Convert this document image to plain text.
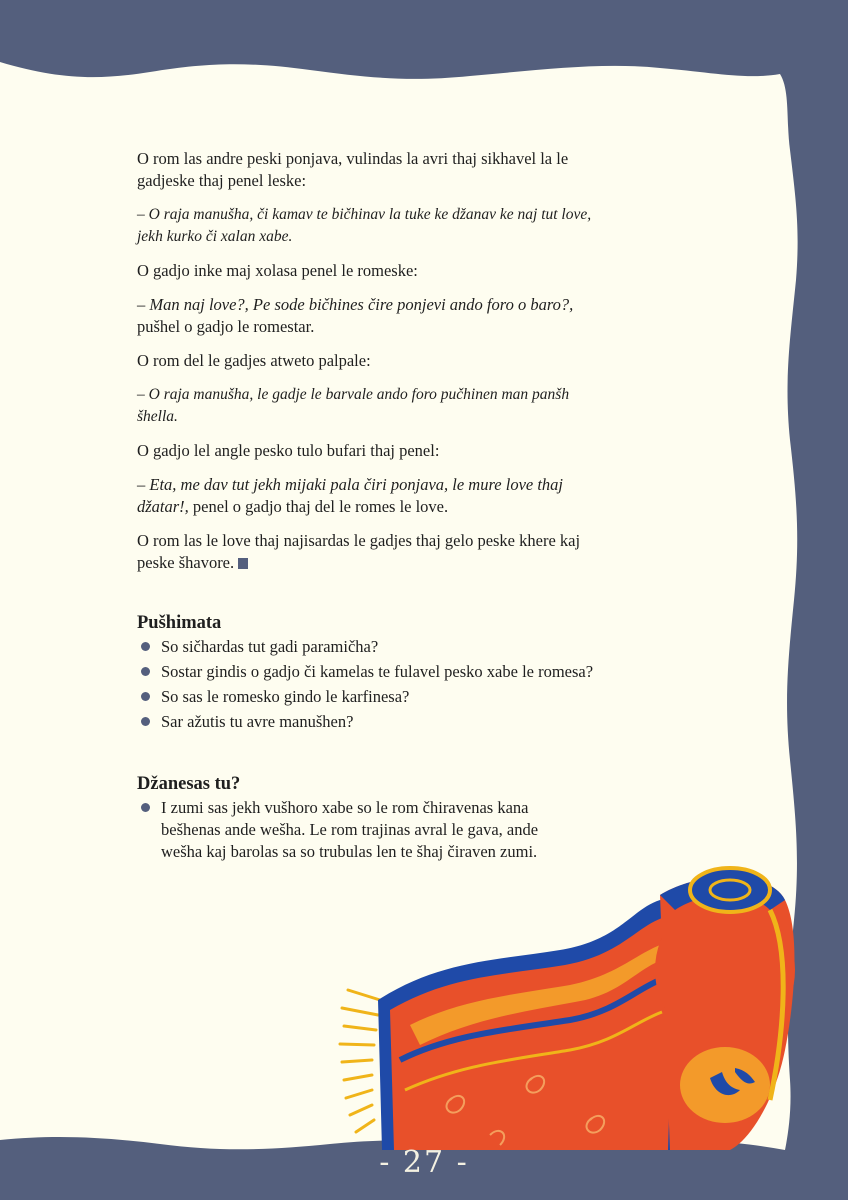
O rom las andre peski ponjava, vulindas la avri thaj sikhavel la le gadjeske thaj penel leske:

– O raja manušha, či kamav te bičhinav la tuke ke džanav ke naj tut love, jekh kurko či xalan xabe.

O gadjo inke maj xolasa penel le romeske:

– Man naj love?, Pe sode bičhines čire ponjevi ando foro o baro?, pušhel o gadjo le romestar.

O rom del le gadjes atweto palpale:

– O raja manušha, le gadje le barvale ando foro pučhinen man panšh šhella.

O gadjo lel angle pesko tulo bufari thaj penel:

– Eta, me dav tut jekh mijaki pala čiri ponjava, le mure love thaj džatar!, penel o gadjo thaj del le romes le love.

O rom las le love thaj najisardas le gadjes thaj gelo peske khere kaj peske šhavore.

Pušhimata
So sičhardas tut gadi paramičha?
Sostar gindis o gadjo či kamelas te fulavel pesko xabe le romesa?
So sas le romesko gindo le karfinesa?
Sar ažutis tu avre manušhen?
Džanesas tu?
I zumi sas jekh vušhoro xabe so le rom čhiravenas kana bešhenas ande wešha. Le rom trajinas avral le gava, ande wešha kaj barolas sa so trubulas len te šhaj čiraven zumi.
- 27 -
